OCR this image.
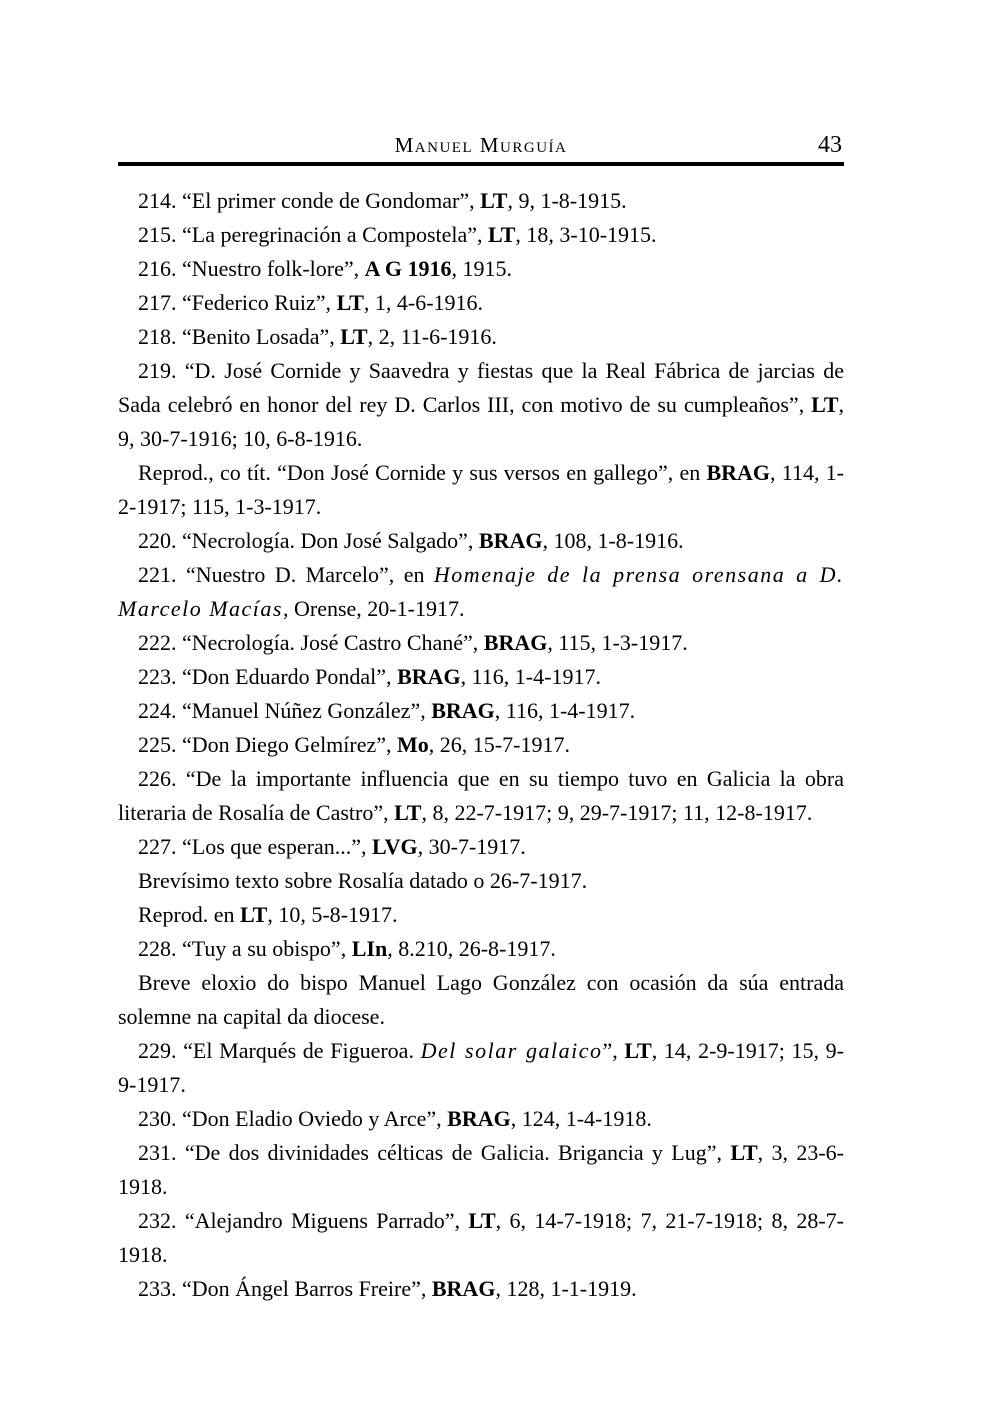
Manuel Murguía	43

214. “El primer conde de Gondomar”, LT, 9, 1-8-1915.

215. “La peregrinación a Compostela”, LT, 18, 3-10-1915.

216. “Nuestro folk-lore”, A G 1916, 1915.

217. “Federico Ruiz”, LT, 1, 4-6-1916.

218. “Benito Losada”, LT, 2, 11-6-1916.

219. “D. José Cornide y Saavedra y fiestas que la Real Fábrica de jarcias de Sada celebró en honor del rey D. Carlos III, con motivo de su cumpleaños”, LT, 9, 30-7-1916; 10, 6-8-1916.

Reprod., co tít. “Don José Cornide y sus versos en gallego”, en BRAG, 114, 1-2-1917; 115, 1-3-1917.

220. “Necrología. Don José Salgado”, BRAG, 108, 1-8-1916.

221. “Nuestro D. Marcelo”, en Homenaje de la prensa orensana a D. Marcelo Macías, Orense, 20-1-1917.

222. “Necrología. José Castro Chané”, BRAG, 115, 1-3-1917.

223. “Don Eduardo Pondal”, BRAG, 116, 1-4-1917.

224. “Manuel Núñez González”, BRAG, 116, 1-4-1917.

225. “Don Diego Gelmírez”, Mo, 26, 15-7-1917.

226. “De la importante influencia que en su tiempo tuvo en Galicia la obra literaria de Rosalía de Castro”, LT, 8, 22-7-1917; 9, 29-7-1917; 11, 12-8-1917.

227. “Los que esperan...”, LVG, 30-7-1917.

Brevísimo texto sobre Rosalía datado o 26-7-1917.

Reprod. en LT, 10, 5-8-1917.

228. “Tuy a su obispo”, LIn, 8.210, 26-8-1917.

Breve eloxio do bispo Manuel Lago González con ocasión da súa entrada solemne na capital da diocese.

229. “El Marqués de Figueroa. Del solar galaico”, LT, 14, 2-9-1917; 15, 9-9-1917.

230. “Don Eladio Oviedo y Arce”, BRAG, 124, 1-4-1918.

231. “De dos divinidades célticas de Galicia. Brigancia y Lug”, LT, 3, 23-6-1918.

232. “Alejandro Miguens Parrado”, LT, 6, 14-7-1918; 7, 21-7-1918; 8, 28-7-1918.

233. “Don Ángel Barros Freire”, BRAG, 128, 1-1-1919.
